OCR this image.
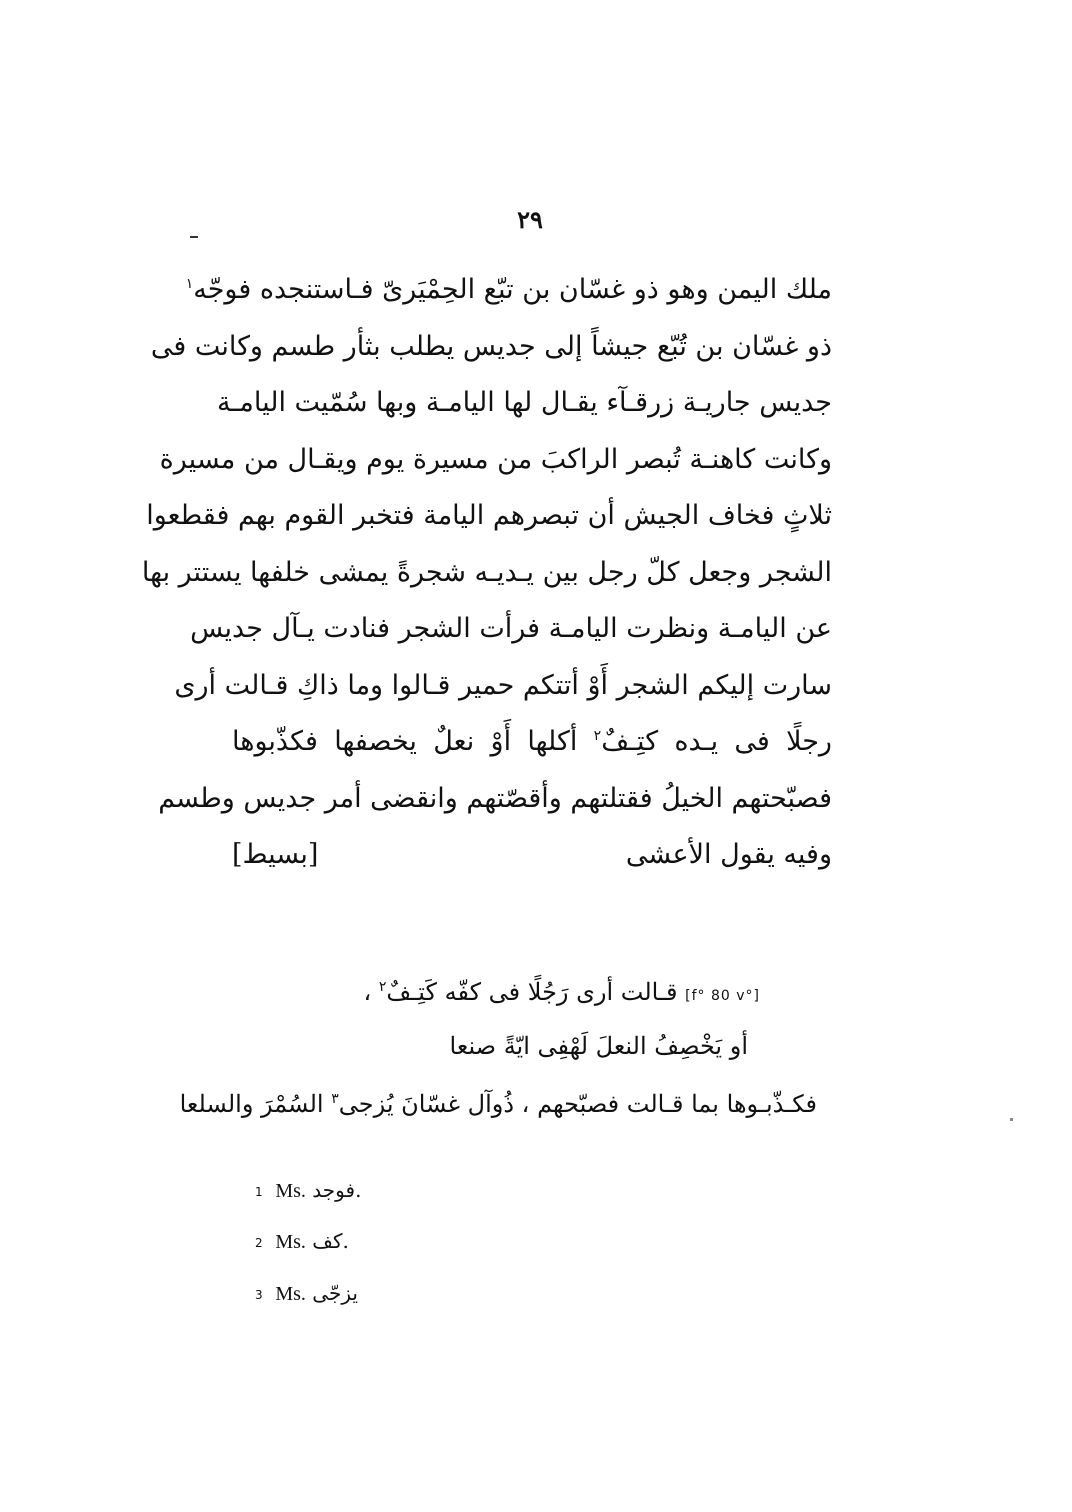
٢٩
ملك اليمن وهو ذو غسّان بن تبّع الحِمْيَرىّ فـاستنجده فوجّه$^١$
ذو غسّان بن تُبّع جيشاً إلى جديس يطلب بثأر طسم وكانت فى
جديس جاريـة زرقـآء يقـال لها اليامـة وبها سُمّيت اليامـة
وكانت كاهنـة تُبصر الراكبَ من مسيرة يوم ويقـال من مسيرة
ثلاثٍ فخاف الجيش أن تبصرهم اليامة فتخبر القوم بهم فقطعوا
الشجر وجعل كلّ رجل بين يـديـه شجرةً يمشى خلفها يستتر بها
عن اليامـة ونظرت اليامـة فرأت الشجر فنادت يـآل جديس
سارت إليكم الشجر أَوْ أتتكم حمير قـالوا وما ذاكِ قـالت أرى
رجلًا فى يـده كتِـفٌ$^٢$ أكلها أَوْ نعلٌ يخصفها فكذّبوها
فصبّحتهم الخيلُ فقتلتهم وأقصّتهم وانقضى أمر جديس وطسم
وفيه يقول الأعشى
[بسيط]
[f° 80 v°] قـالت أرى رَجُلًا فى كفّه كَتِـفٌ$^٢$ ،
أو يَخْصِفُ النعلَ لَهْفِى ايّةً صنعا
فكـذّبـوها بما قـالت فصبّحهم ، ذُوآل غسّانَ يُزجى$^٣$ السُمْرَ والسلعا
1 Ms. فوجد.
2 Ms. كف.
3 Ms. يزجّى
